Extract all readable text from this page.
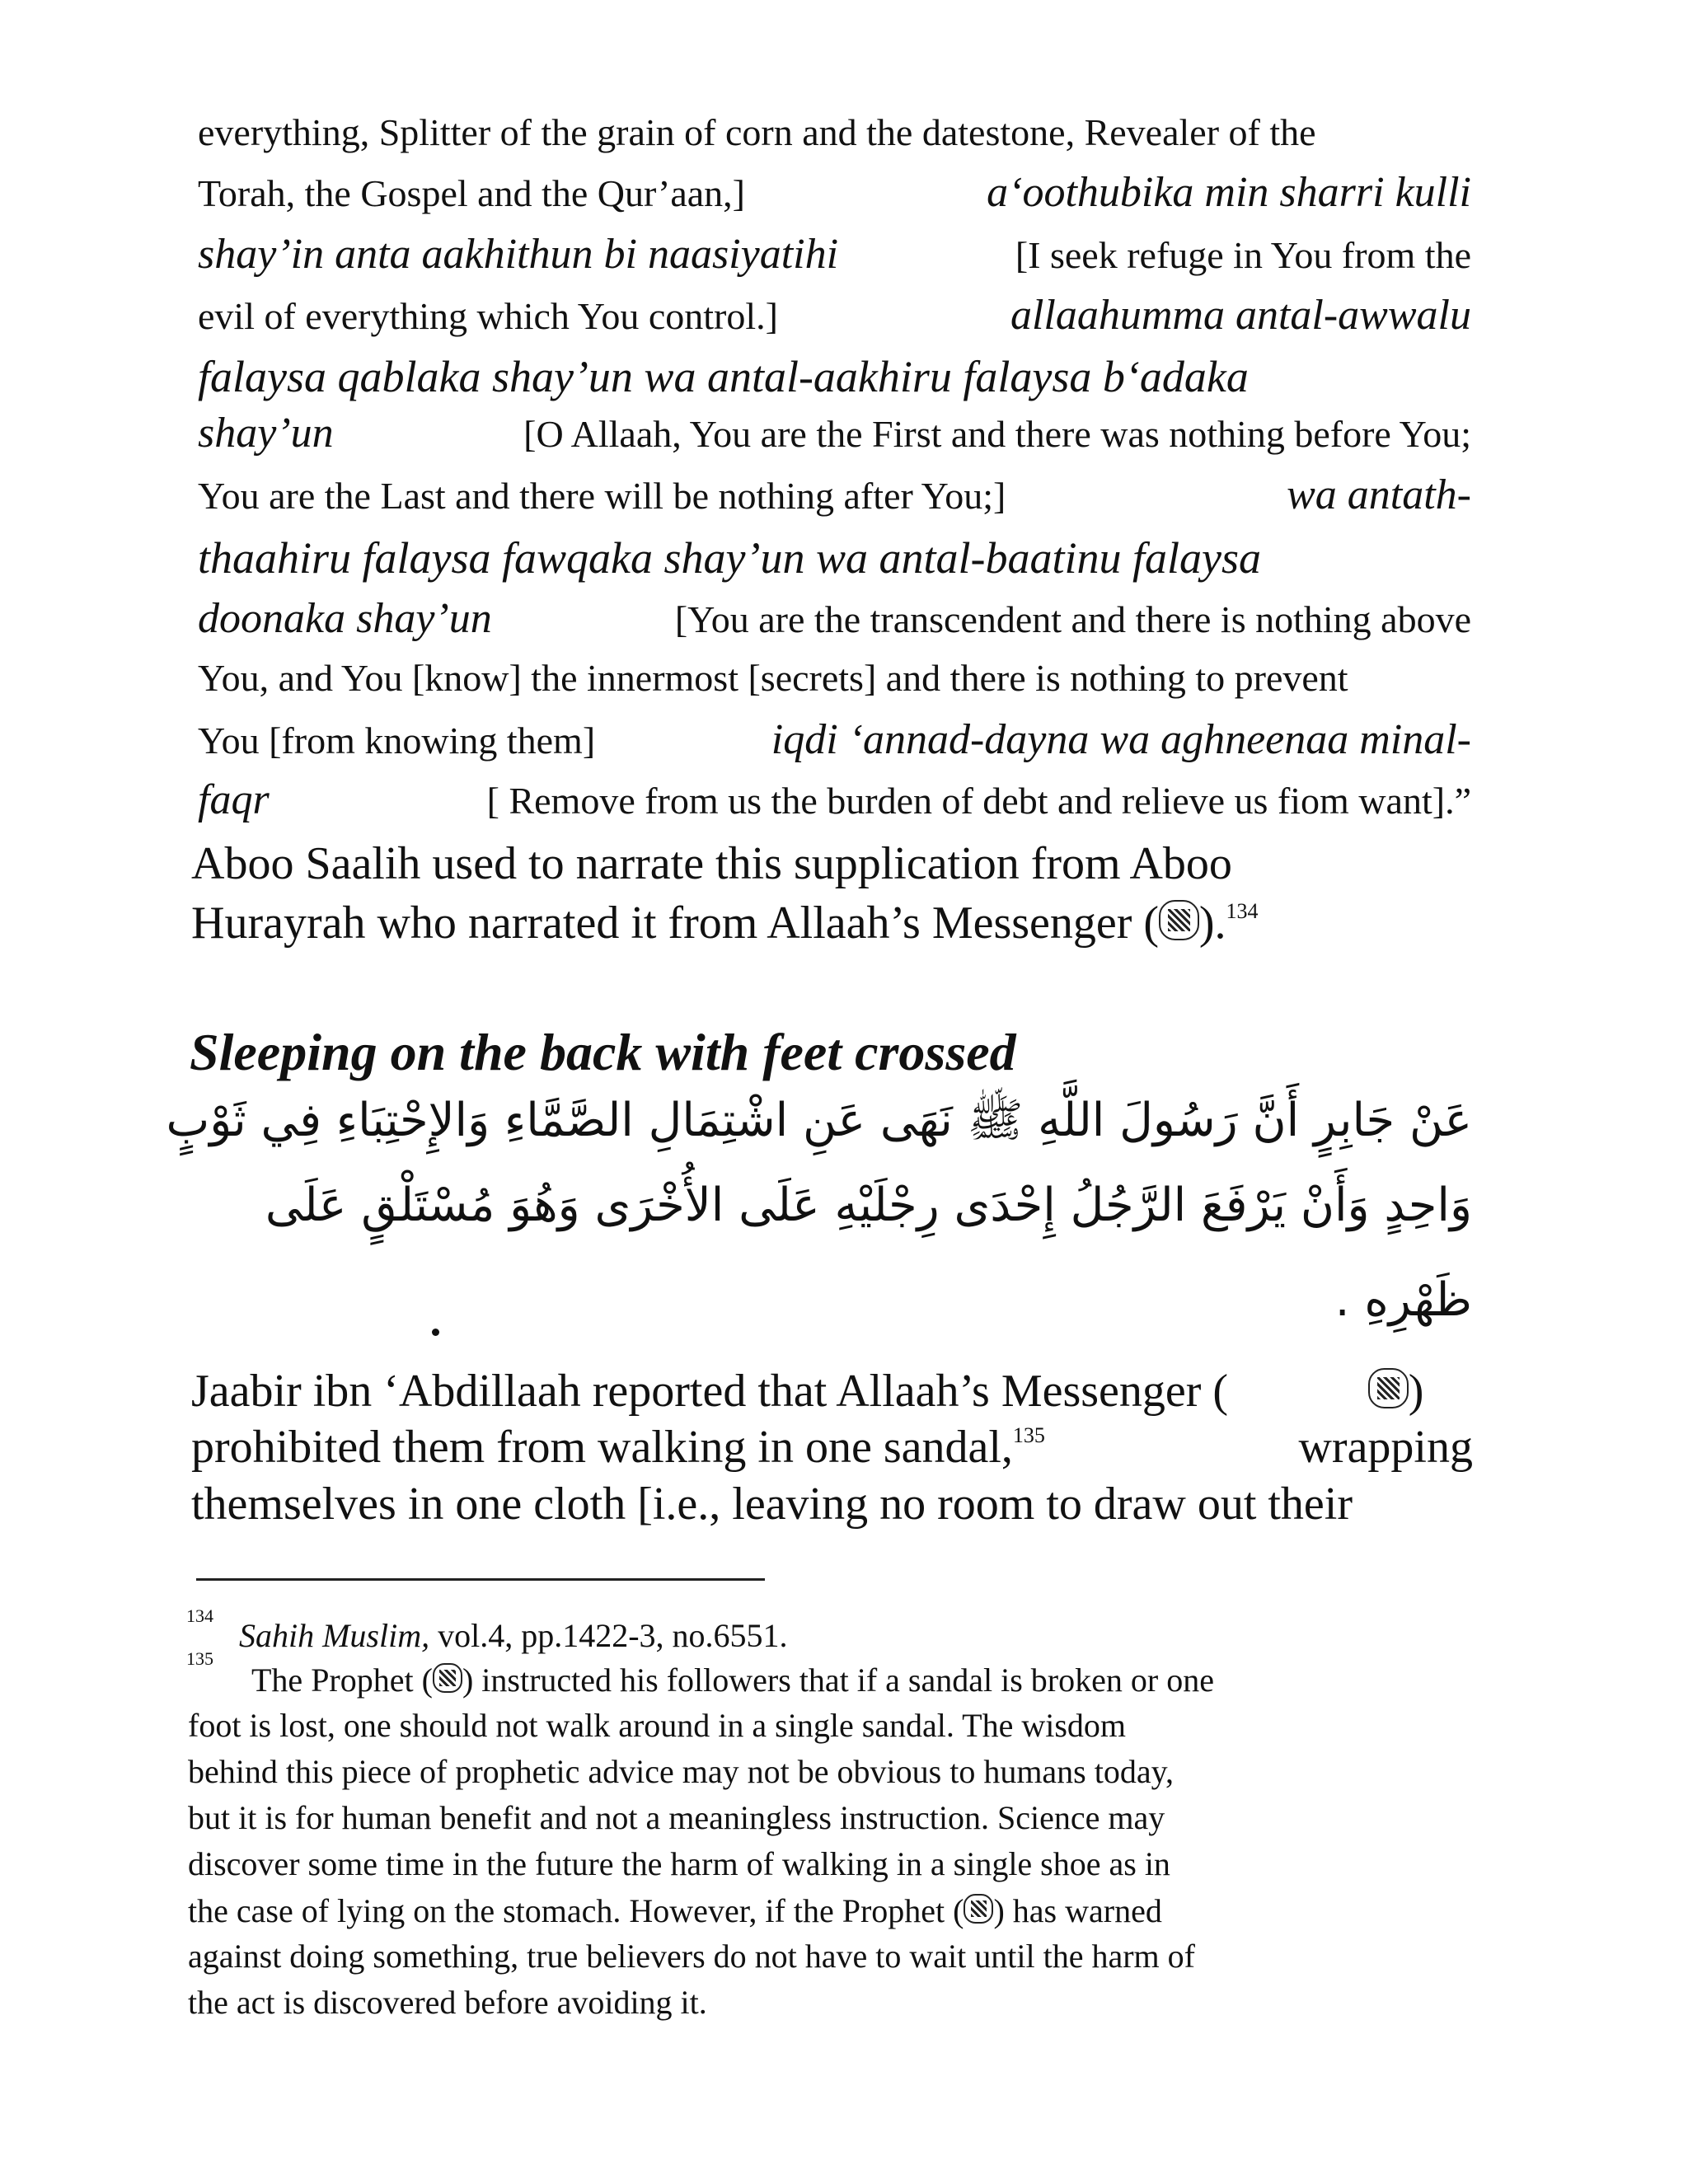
everything, Splitter of the grain of corn and the datestone, Revealer of the
Torah, the Gospel and the Qur’aan,]	a‘oothubika min sharri kulli
shay’in anta aakhithun bi naasiyatihi	[I seek refuge in You from the
evil of everything which You control.]	allaahumma antal-awwalu
falaysa qablaka shay’un wa antal-aakhiru falaysa b‘adaka
shay’un	[O Allaah, You are the First and there was nothing before You;
You are the Last and there will be nothing after You;]	wa antath-
thaahiru falaysa fawqaka shay’un wa antal-baatinu falaysa
doonaka shay’un	[You are the transcendent and there is nothing above
You, and You [know] the innermost [secrets] and there is nothing to prevent
You [from knowing them]	iqdi ‘annad-dayna wa aghneenaa minal-
faqr	[ Remove from us the burden of debt and relieve us fiom want].”
Aboo Saalih used to narrate this supplication from Aboo
Hurayrah who narrated it from Allaah’s Messenger ( ).$^{134}$
Sleeping on the back with feet crossed
عَنْ جَابِرٍ أَنَّ رَسُولَ اللَّهِ ﷺ نَهَى عَنِ اشْتِمَالِ الصَّمَّاءِ وَالإِحْتِبَاءِ فِي ثَوْبٍ
وَاحِدٍ وَأَنْ يَرْفَعَ الرَّجُلُ إِحْدَى رِجْلَيْهِ عَلَى الأُخْرَى وَهُوَ مُسْتَلْقٍ عَلَى
ظَهْرِهِ .
Jaabir ibn ‘Abdillaah reported that Allaah’s Messenger (	)
prohibited them from walking in one sandal,$^{135}$	wrapping
themselves in one cloth [i.e., leaving no room to draw out their
134
Sahih Muslim, vol.4, pp.1422-3, no.6551.
135
The Prophet ( ) instructed his followers that if a sandal is broken or one
foot is lost, one should not walk around in a single sandal. The wisdom
behind this piece of prophetic advice may not be obvious to humans today,
but it is for human benefit and not a meaningless instruction. Science may
discover some time in the future the harm of walking in a single shoe as in
the case of lying on the stomach. However, if the Prophet ( ) has warned
against doing something, true believers do not have to wait until the harm of
the act is discovered before avoiding it.
